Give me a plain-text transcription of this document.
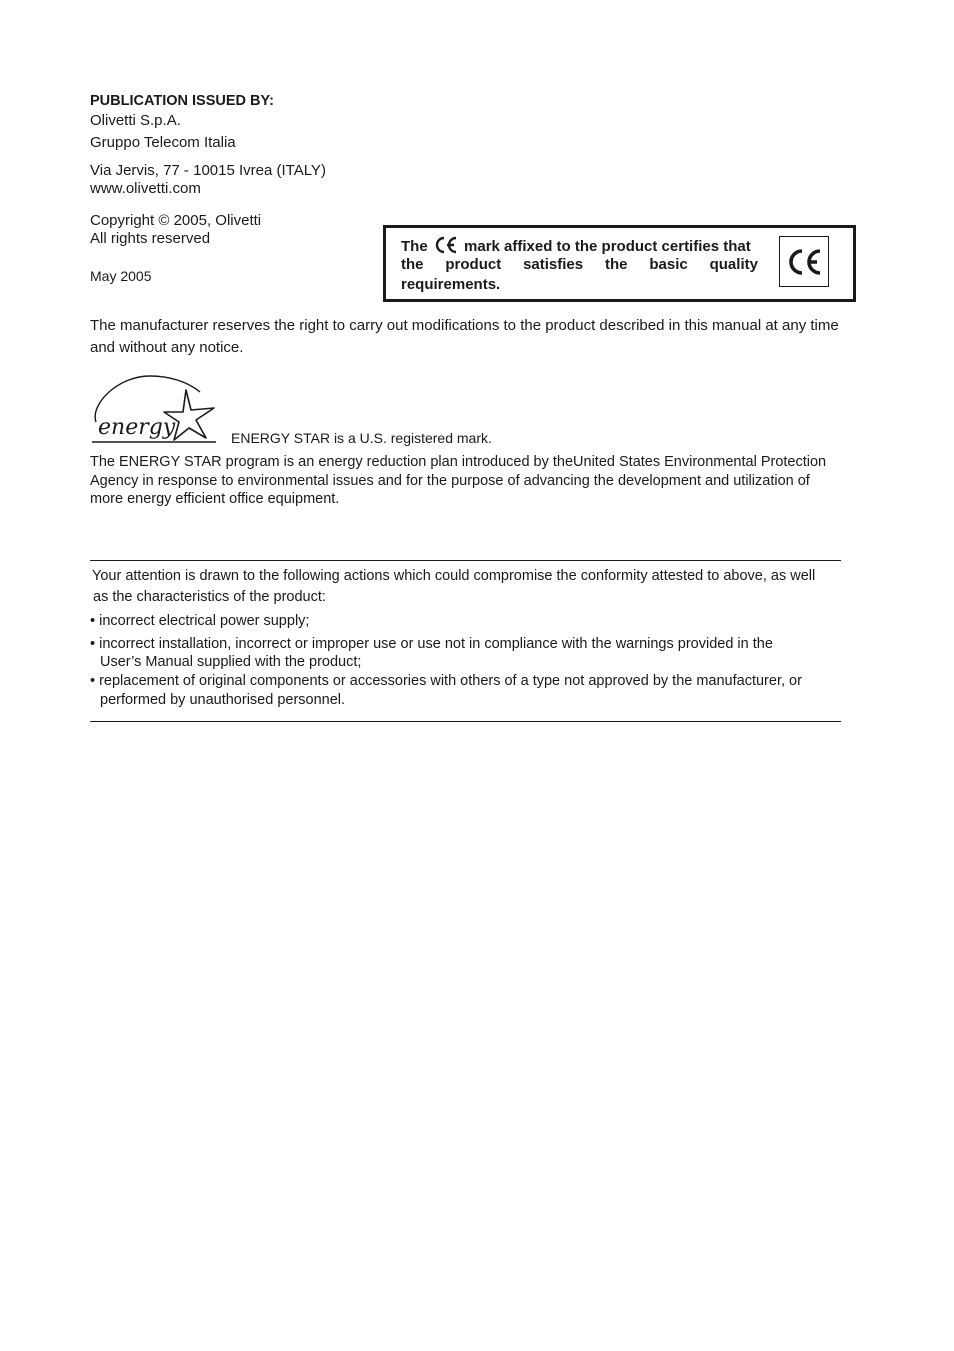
PUBLICATION ISSUED BY:
Olivetti S.p.A.
Gruppo Telecom Italia
Via Jervis, 77 - 10015 Ivrea (ITALY)
www.olivetti.com
Copyright © 2005, Olivetti
All rights reserved
May 2005
The mark affixed to the product certifies that
the product satisfies the basic quality
requirements.
The manufacturer reserves the right to carry out modifications to the product described in this manual at any time
and without any notice.
energy	ENERGY STAR is a U.S. registered mark.
The ENERGY STAR program is an energy reduction plan introduced by theUnited States Environmental Protection
Agency in response to environmental issues and for the purpose of advancing the development and utilization of
more energy efficient office equipment.
Your attention is drawn to the following actions which could compromise the conformity attested to above, as well
as the characteristics of the product:
• incorrect electrical power supply;
• incorrect installation, incorrect or improper use or use not in compliance with the warnings provided in the
User’s Manual supplied with the product;
• replacement of original components or accessories with others of a type not approved by the manufacturer, or
performed by unauthorised personnel.
